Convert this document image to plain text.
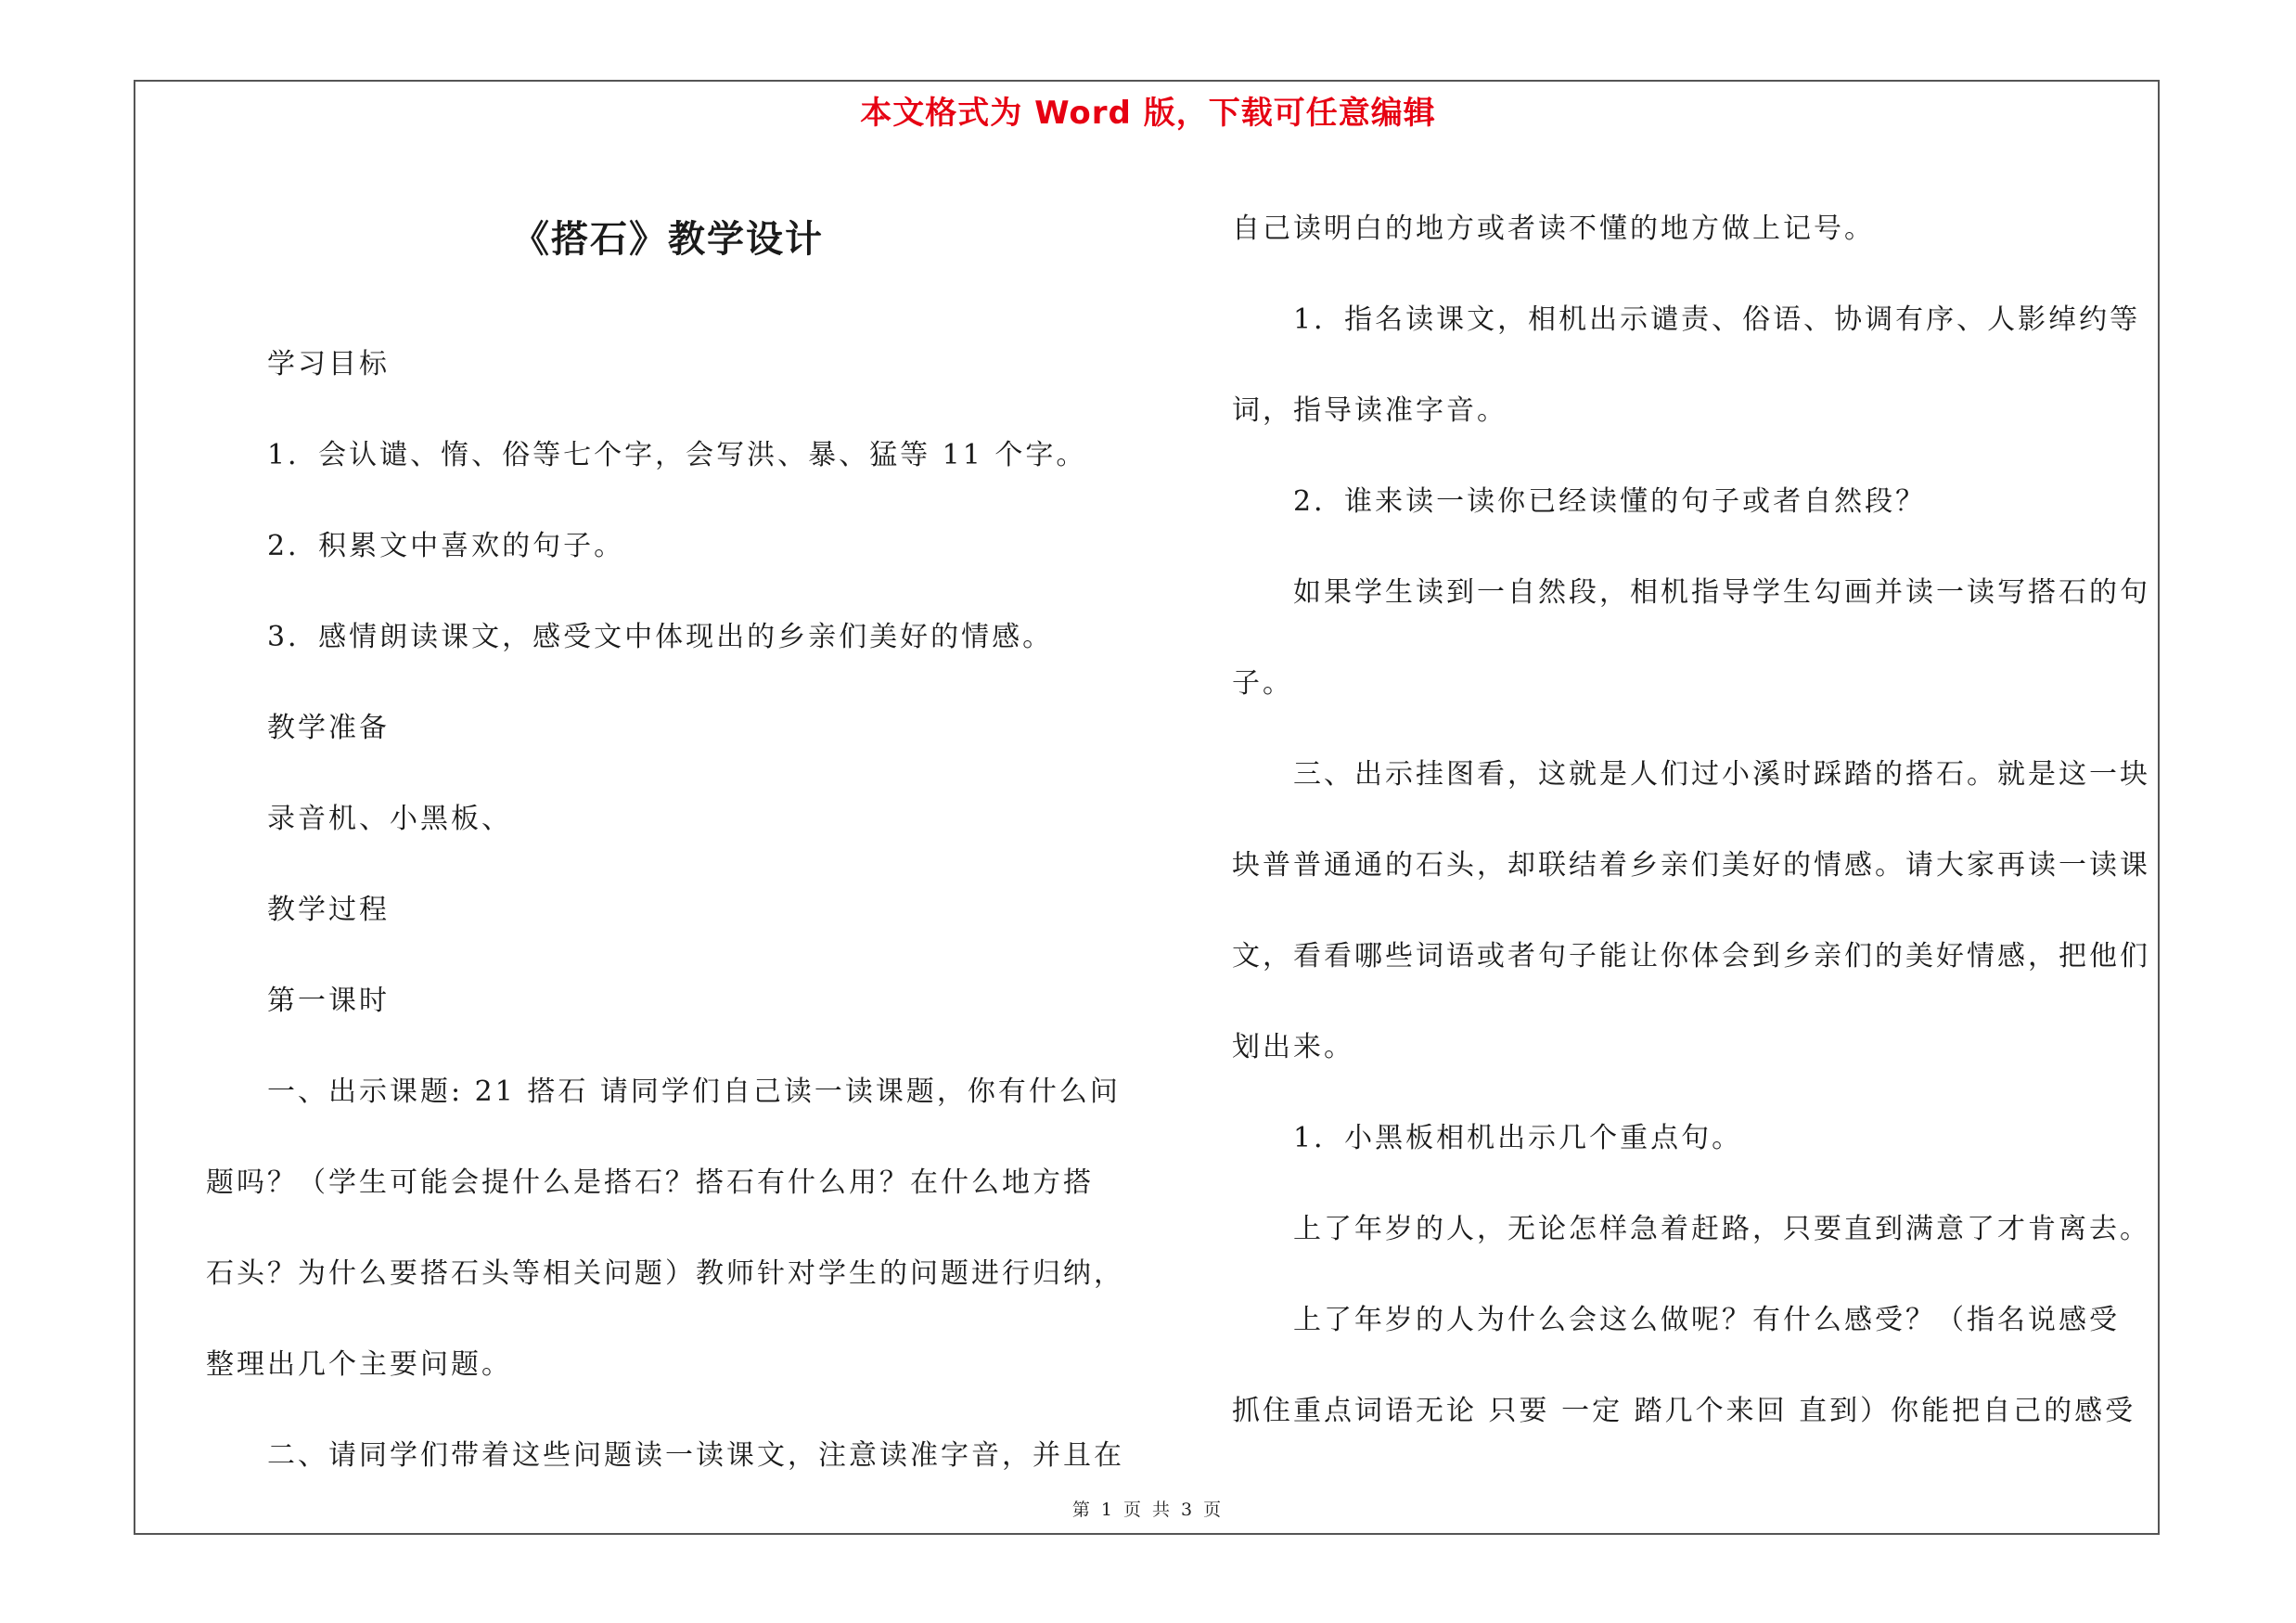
本文格式为 Word 版，下载可任意编辑
《搭石》教学设计
学习目标
1．会认谴、惰、俗等七个字，会写洪、暴、猛等 11 个字。
2．积累文中喜欢的句子。
3．感情朗读课文，感受文中体现出的乡亲们美好的情感。
教学准备
录音机、小黑板、
教学过程
第一课时
一、出示课题: 21 搭石 请同学们自己读一读课题，你有什么问
题吗？（学生可能会提什么是搭石？搭石有什么用？在什么地方搭
石头？为什么要搭石头等相关问题）教师针对学生的问题进行归纳，
整理出几个主要问题。
二、请同学们带着这些问题读一读课文，注意读准字音，并且在
自己读明白的地方或者读不懂的地方做上记号。
1．指名读课文，相机出示谴责、俗语、协调有序、人影绰约等
词，指导读准字音。
2．谁来读一读你已经读懂的句子或者自然段？
如果学生读到一自然段，相机指导学生勾画并读一读写搭石的句
子。
三、出示挂图看，这就是人们过小溪时踩踏的搭石。就是这一块
块普普通通的石头，却联结着乡亲们美好的情感。请大家再读一读课
文，看看哪些词语或者句子能让你体会到乡亲们的美好情感，把他们
划出来。
1．小黑板相机出示几个重点句。
上了年岁的人，无论怎样急着赶路，只要直到满意了才肯离去。
上了年岁的人为什么会这么做呢？有什么感受？（指名说感受
抓住重点词语无论 只要 一定 踏几个来回 直到）你能把自己的感受
第 1 页 共 3 页
